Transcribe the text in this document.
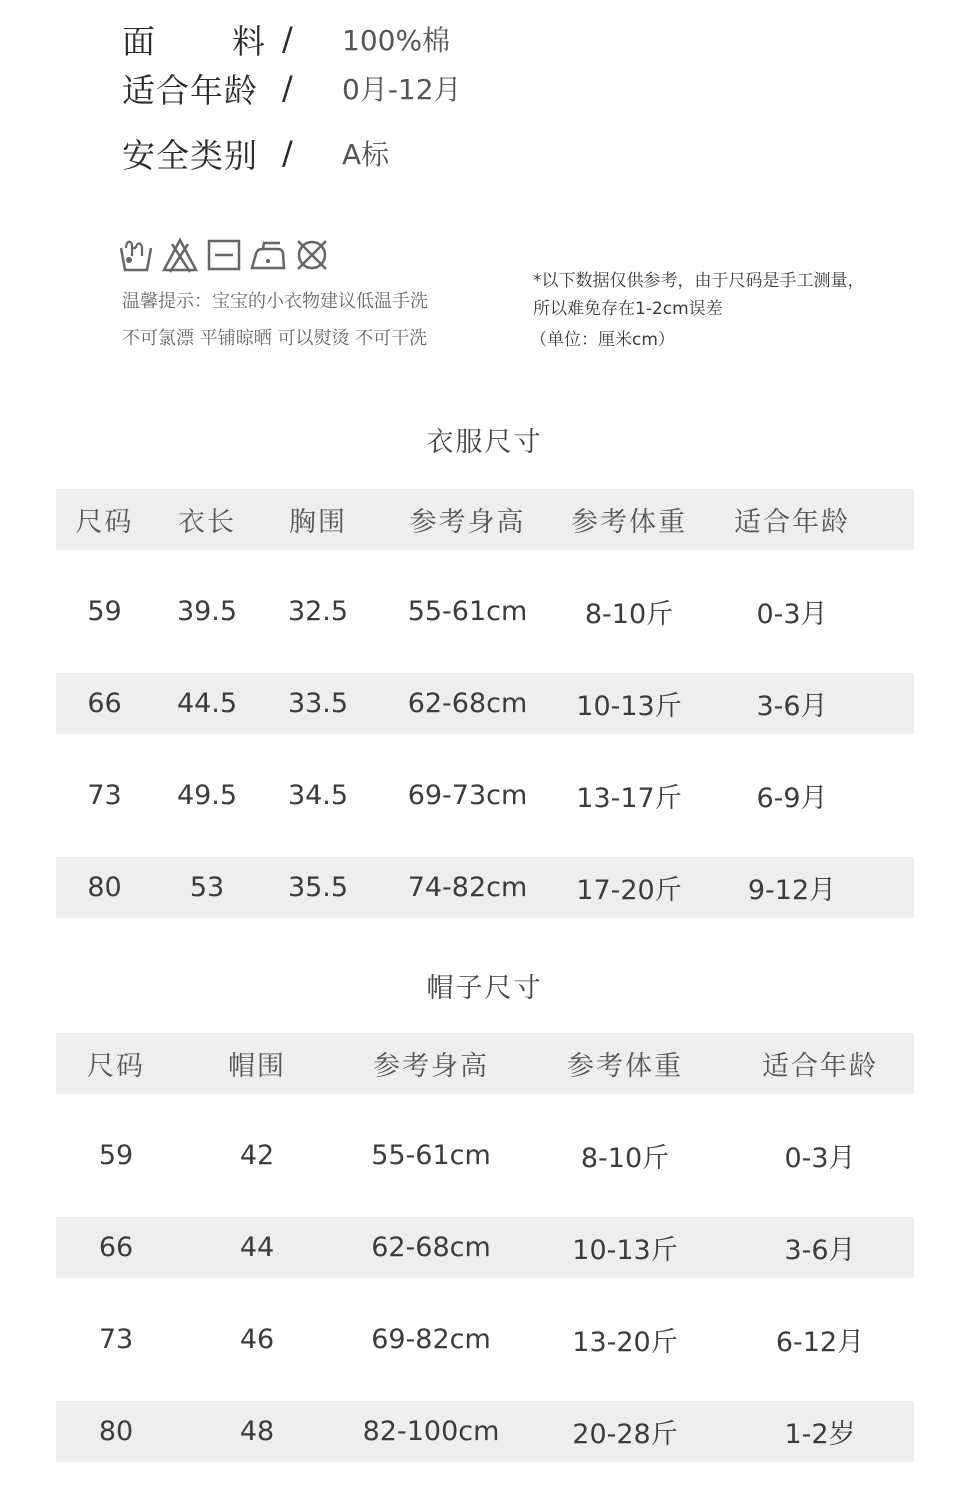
面 料 /	100%棉
适合年龄 /	0月-12月
安全类别 /	A标
温馨提示：宝宝的小衣物建议低温手洗
不可氯漂 平铺晾晒 可以熨烫 不可干洗
*以下数据仅供参考，由于尺码是手工测量，
所以难免存在1-2cm误差
（单位：厘米cm）
衣服尺寸
尺码	衣长	胸围	参考身高	参考体重	适合年龄
59	39.5	32.5	55-61cm	8-10斤	0-3月
66	44.5	33.5	62-68cm	10-13斤	3-6月
73	49.5	34.5	69-73cm	13-17斤	6-9月
80	53	35.5	74-82cm	17-20斤	9-12月
帽子尺寸
尺码	帽围	参考身高	参考体重	适合年龄
59	42	55-61cm	8-10斤	0-3月
66	44	62-68cm	10-13斤	3-6月
73	46	69-82cm	13-20斤	6-12月
80	48	82-100cm	20-28斤	1-2岁
